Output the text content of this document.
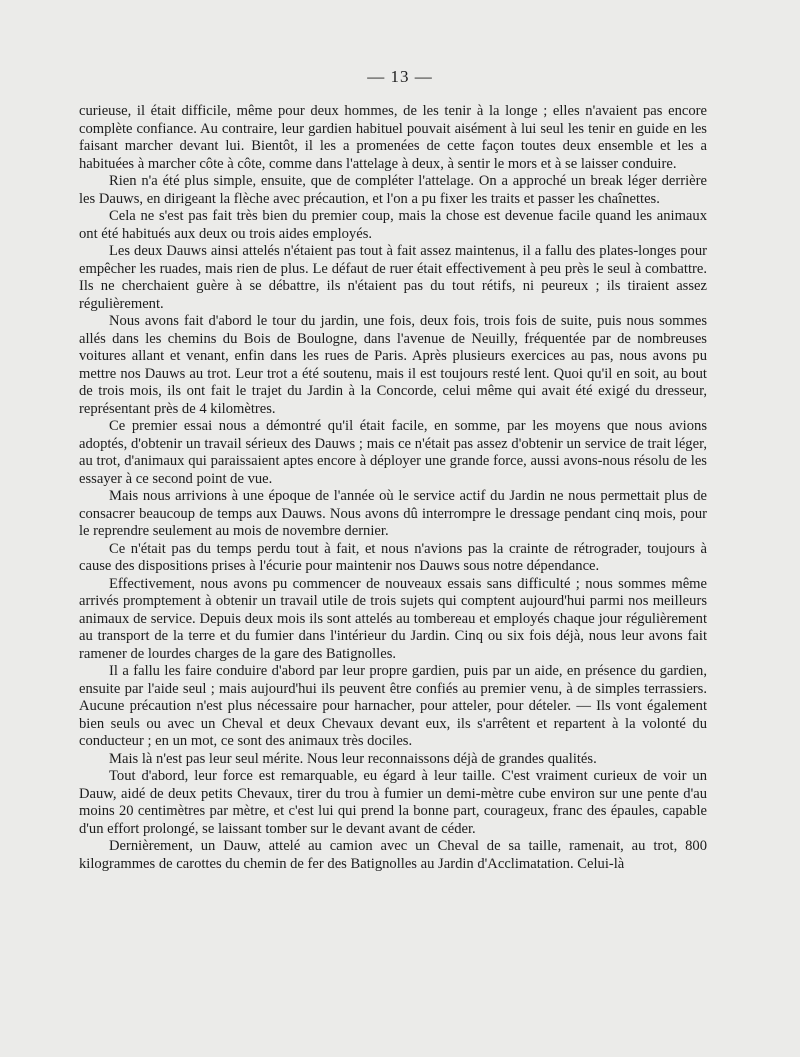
— 13 —

curieuse, il était difficile, même pour deux hommes, de les tenir à la longe ; elles n'avaient pas encore complète confiance. Au contraire, leur gardien habituel pouvait aisément à lui seul les tenir en guide en les faisant marcher devant lui. Bientôt, il les a promenées de cette façon toutes deux ensemble et les a habituées à marcher côte à côte, comme dans l'attelage à deux, à sentir le mors et à se laisser conduire.

Rien n'a été plus simple, ensuite, que de compléter l'attelage. On a approché un break léger derrière les Dauws, en dirigeant la flèche avec précaution, et l'on a pu fixer les traits et passer les chaînettes.

Cela ne s'est pas fait très bien du premier coup, mais la chose est devenue facile quand les animaux ont été habitués aux deux ou trois aides employés.

Les deux Dauws ainsi attelés n'étaient pas tout à fait assez maintenus, il a fallu des plates-longes pour empêcher les ruades, mais rien de plus. Le défaut de ruer était effectivement à peu près le seul à combattre. Ils ne cherchaient guère à se débattre, ils n'étaient pas du tout rétifs, ni peureux ; ils tiraient assez régulièrement.

Nous avons fait d'abord le tour du jardin, une fois, deux fois, trois fois de suite, puis nous sommes allés dans les chemins du Bois de Boulogne, dans l'avenue de Neuilly, fréquentée par de nombreuses voitures allant et venant, enfin dans les rues de Paris. Après plusieurs exercices au pas, nous avons pu mettre nos Dauws au trot. Leur trot a été soutenu, mais il est toujours resté lent. Quoi qu'il en soit, au bout de trois mois, ils ont fait le trajet du Jardin à la Concorde, celui même qui avait été exigé du dresseur, représentant près de 4 kilomètres.

Ce premier essai nous a démontré qu'il était facile, en somme, par les moyens que nous avions adoptés, d'obtenir un travail sérieux des Dauws ; mais ce n'était pas assez d'obtenir un service de trait léger, au trot, d'animaux qui paraissaient aptes encore à déployer une grande force, aussi avons-nous résolu de les essayer à ce second point de vue.

Mais nous arrivions à une époque de l'année où le service actif du Jardin ne nous permettait plus de consacrer beaucoup de temps aux Dauws. Nous avons dû interrompre le dressage pendant cinq mois, pour le reprendre seulement au mois de novembre dernier.

Ce n'était pas du temps perdu tout à fait, et nous n'avions pas la crainte de rétrograder, toujours à cause des dispositions prises à l'écurie pour maintenir nos Dauws sous notre dépendance.

Effectivement, nous avons pu commencer de nouveaux essais sans difficulté ; nous sommes même arrivés promptement à obtenir un travail utile de trois sujets qui comptent aujourd'hui parmi nos meilleurs animaux de service. Depuis deux mois ils sont attelés au tombereau et employés chaque jour régulièrement au transport de la terre et du fumier dans l'intérieur du Jardin. Cinq ou six fois déjà, nous leur avons fait ramener de lourdes charges de la gare des Batignolles.

Il a fallu les faire conduire d'abord par leur propre gardien, puis par un aide, en présence du gardien, ensuite par l'aide seul ; mais aujourd'hui ils peuvent être confiés au premier venu, à de simples terrassiers. Aucune précaution n'est plus nécessaire pour harnacher, pour atteler, pour dételer. — Ils vont également bien seuls ou avec un Cheval et deux Chevaux devant eux, ils s'arrêtent et repartent à la volonté du conducteur ; en un mot, ce sont des animaux très dociles.

Mais là n'est pas leur seul mérite. Nous leur reconnaissons déjà de grandes qualités.

Tout d'abord, leur force est remarquable, eu égard à leur taille. C'est vraiment curieux de voir un Dauw, aidé de deux petits Chevaux, tirer du trou à fumier un demi-mètre cube environ sur une pente d'au moins 20 centimètres par mètre, et c'est lui qui prend la bonne part, courageux, franc des épaules, capable d'un effort prolongé, se laissant tomber sur le devant avant de céder.

Dernièrement, un Dauw, attelé au camion avec un Cheval de sa taille, ramenait, au trot, 800 kilogrammes de carottes du chemin de fer des Batignolles au Jardin d'Acclimatation. Celui-là
